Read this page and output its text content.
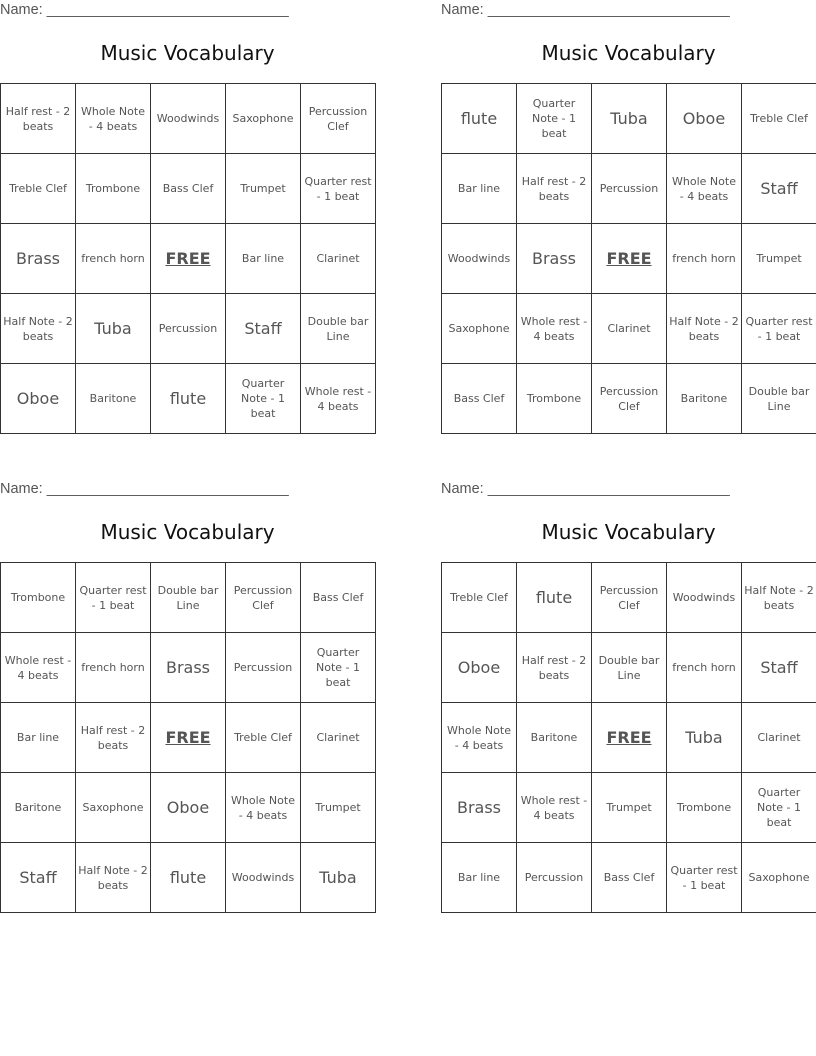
Name: ______________________________
Music Vocabulary
Half rest - 2 beats	Whole Note - 4 beats	Woodwinds	Saxophone	Percussion Clef
Treble Clef	Trombone	Bass Clef	Trumpet	Quarter rest - 1 beat
Brass	french horn	FREE	Bar line	Clarinet
Half Note - 2 beats	Tuba	Percussion	Staff	Double bar Line
Oboe	Baritone	flute	Quarter Note - 1 beat	Whole rest - 4 beats
Name: ______________________________
Music Vocabulary
flute	Quarter Note - 1 beat	Tuba	Oboe	Treble Clef
Bar line	Half rest - 2 beats	Percussion	Whole Note - 4 beats	Staff
Woodwinds	Brass	FREE	french horn	Trumpet
Saxophone	Whole rest - 4 beats	Clarinet	Half Note - 2 beats	Quarter rest - 1 beat
Bass Clef	Trombone	Percussion Clef	Baritone	Double bar Line
Name: ______________________________
Music Vocabulary
Trombone	Quarter rest - 1 beat	Double bar Line	Percussion Clef	Bass Clef
Whole rest - 4 beats	french horn	Brass	Percussion	Quarter Note - 1 beat
Bar line	Half rest - 2 beats	FREE	Treble Clef	Clarinet
Baritone	Saxophone	Oboe	Whole Note - 4 beats	Trumpet
Staff	Half Note - 2 beats	flute	Woodwinds	Tuba
Name: ______________________________
Music Vocabulary
Treble Clef	flute	Percussion Clef	Woodwinds	Half Note - 2 beats
Oboe	Half rest - 2 beats	Double bar Line	french horn	Staff
Whole Note - 4 beats	Baritone	FREE	Tuba	Clarinet
Brass	Whole rest - 4 beats	Trumpet	Trombone	Quarter Note - 1 beat
Bar line	Percussion	Bass Clef	Quarter rest - 1 beat	Saxophone
